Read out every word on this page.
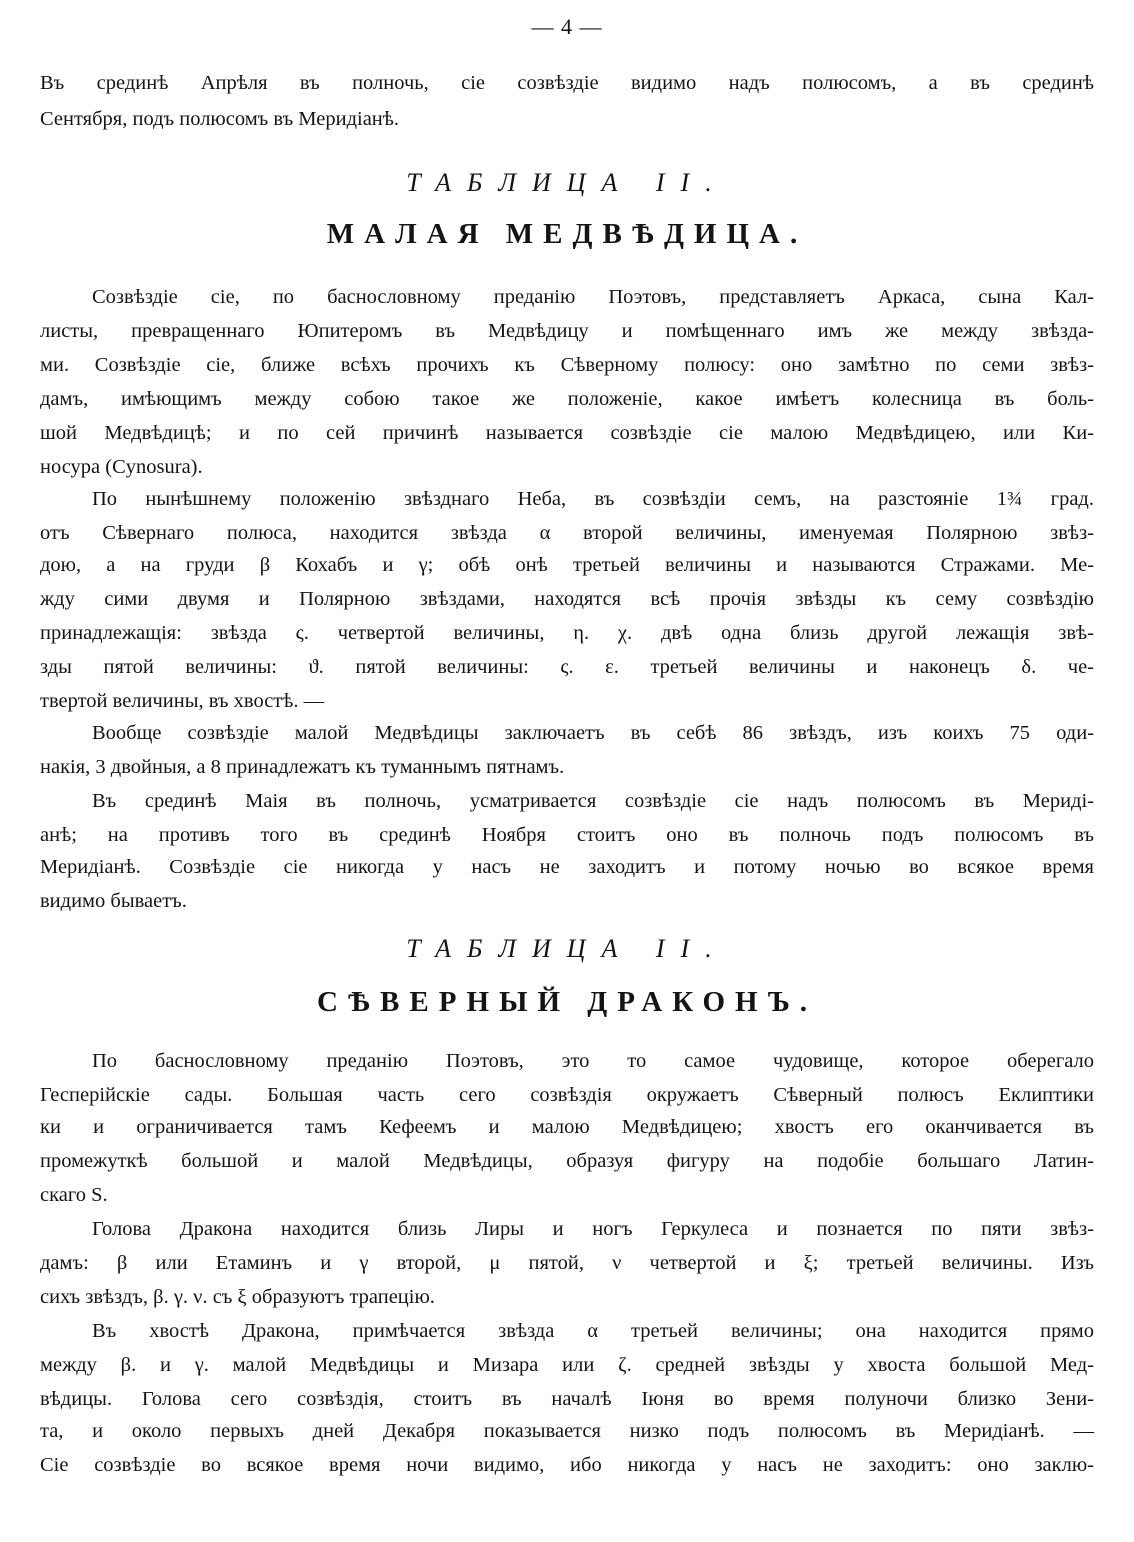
— 4 —
Въ срединѣ Апрѣля въ полночь, сіе созвѣздіе видимо надъ полюсомъ, а въ срединѣ
Сентября, подъ полюсомъ въ Меридіанѣ.
ТАБЛИЦА II.
МАЛАЯ МЕДВѢДИЦА.
Созвѣздіе сіе, по баснословному преданію Поэтовъ, представляетъ Аркаса, сына Кал-
листы, превращеннаго Юпитеромъ въ Медвѣдицу и помѣщеннаго имъ же между звѣзда-
ми. Созвѣздіе сіе, ближе всѣхъ прочихъ къ Сѣверному полюсу: оно замѣтно по семи звѣз-
дамъ, имѣющимъ между собою такое же положеніе, какое имѣетъ колесница въ боль-
шой Медвѣдицѣ; и по сей причинѣ называется созвѣздіе сіе малою Медвѣдицею, или Ки-
носура (Cynosura).
По нынѣшнему положенію звѣзднаго Неба, въ созвѣздіи семъ, на разстояніе 1¾ град.
отъ Сѣвернаго полюса, находится звѣзда α второй величины, именуемая Полярною звѣз-
дою, а на груди β Кохабъ и γ; обѣ онѣ третьей величины и называются Стражами. Ме-
жду сими двумя и Полярною звѣздами, находятся всѣ прочія звѣзды къ сему созвѣздію
принадлежащія: звѣзда ς. четвертой величины, η. χ. двѣ одна близь другой лежащія звѣ-
зды пятой величины: ϑ. пятой величины: ς. ε. третьей величины и наконецъ δ. че-
твертой величины, въ хвостѣ. —
Вообще созвѣздіе малой Медвѣдицы заключаетъ въ себѣ 86 звѣздъ, изъ коихъ 75 оди-
накія, 3 двойныя, а 8 принадлежатъ къ туманнымъ пятнамъ.
Въ срединѣ Маія въ полночь, усматривается созвѣздіе сіе надъ полюсомъ въ Мериді-
анѣ; на противъ того въ срединѣ Ноября стоитъ оно въ полночь подъ полюсомъ въ
Меридіанѣ. Созвѣздіе сіе никогда у насъ не заходитъ и потому ночью во всякое время
видимо бываетъ.
ТАБЛИЦА II.
СѢВЕРНЫЙ ДРАКОНЪ.
По баснословному преданію Поэтовъ, это то самое чудовище, которое оберегало
Гесперійскіе сады. Большая часть сего созвѣздія окружаетъ Сѣверный полюсъ Еклиптики
ки и ограничивается тамъ Кефеемъ и малою Медвѣдицею; хвостъ его оканчивается въ
промежуткѣ большой и малой Медвѣдицы, образуя фигуру на подобіе большаго Латин-
скаго S.
Голова Дракона находится близь Лиры и ногъ Геркулеса и познается по пяти звѣз-
дамъ: β или Етаминъ и γ второй, μ пятой, ν четвертой и ξ; третьей величины. Изъ
сихъ звѣздъ, β. γ. ν. съ ξ образуютъ трапецію.
Въ хвостѣ Дракона, примѣчается звѣзда α третьей величины; она находится прямо
между β. и γ. малой Медвѣдицы и Мизара или ζ. средней звѣзды у хвоста большой Мед-
вѣдицы. Голова сего созвѣздія, стоитъ въ началѣ Іюня во время полуночи близко Зени-
та, и около первыхъ дней Декабря показывается низко подъ полюсомъ въ Меридіанѣ. —
Сіе созвѣздіе во всякое время ночи видимо, ибо никогда у насъ не заходитъ: оно заклю-
